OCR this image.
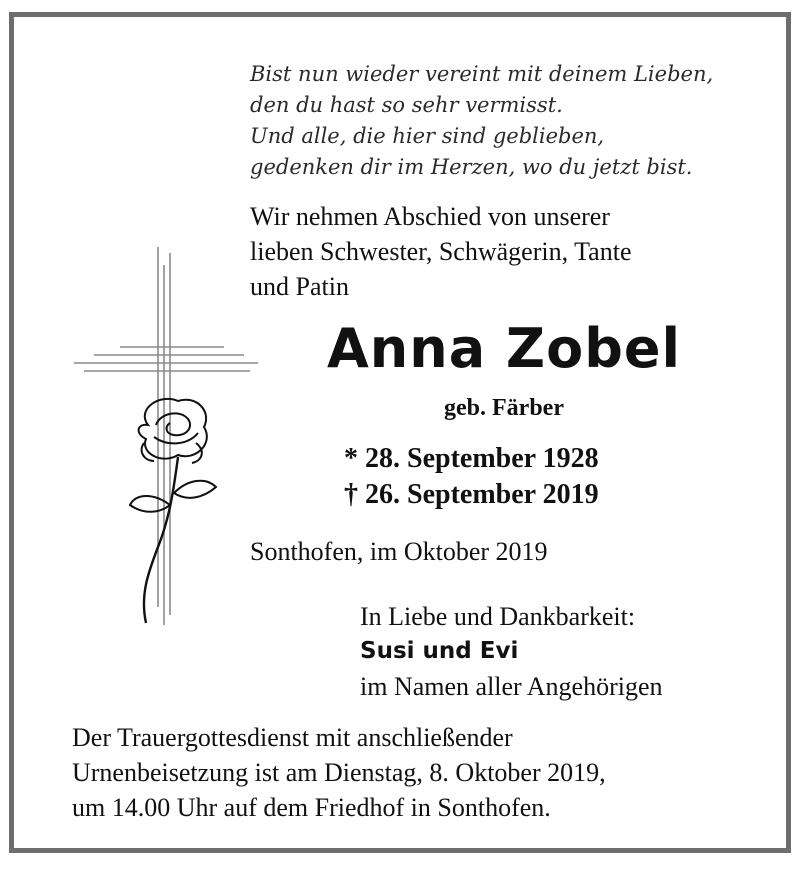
Bist nun wieder vereint mit deinem Lieben,
den du hast so sehr vermisst.
Und alle, die hier sind geblieben,
gedenken dir im Herzen, wo du jetzt bist.
Wir nehmen Abschied von unserer
lieben Schwester, Schwägerin, Tante
und Patin
Anna Zobel
geb. Färber
* 28. September 1928
† 26. September 2019
Sonthofen, im Oktober 2019
In Liebe und Dankbarkeit:
Susi und Evi
im Namen aller Angehörigen
Der Trauergottesdienst mit anschließender
Urnenbeisetzung ist am Dienstag, 8. Oktober 2019,
um 14.00 Uhr auf dem Friedhof in Sonthofen.
